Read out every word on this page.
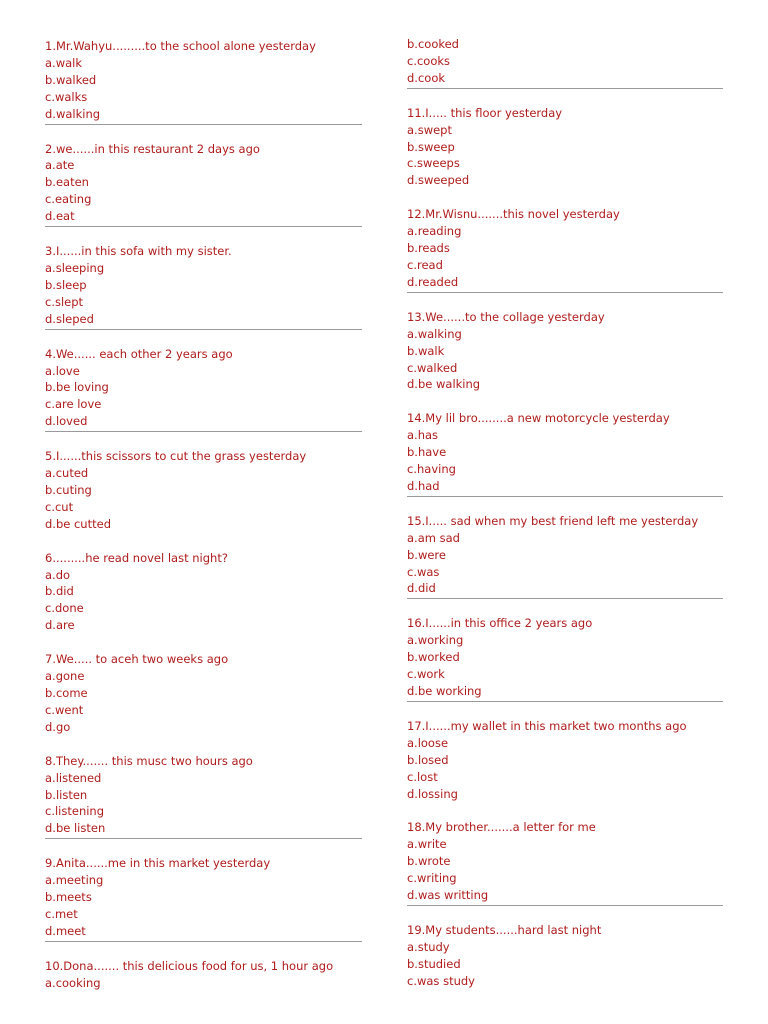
1.Mr.Wahyu.........to the school alone yesterday
a.walk
b.walked
c.walks
d.walking
2.we......in this restaurant 2 days ago
a.ate
b.eaten
c.eating
d.eat
3.I......in this sofa with my sister.
a.sleeping
b.sleep
c.slept
d.sleped
4.We...... each other 2 years ago
a.love
b.be loving
c.are love
d.loved
5.I......this scissors to cut the grass yesterday
a.cuted
b.cuting
c.cut
d.be cutted
6.........he read novel last night?
a.do
b.did
c.done
d.are
7.We..... to aceh two weeks ago
a.gone
b.come
c.went
d.go
8.They....... this musc two hours ago
a.listened
b.listen
c.listening
d.be listen
9.Anita......me in this market yesterday
a.meeting
b.meets
c.met
d.meet
10.Dona....... this delicious food for us, 1 hour ago
a.cooking
b.cooked
c.cooks
d.cook
11.I..... this floor yesterday
a.swept
b.sweep
c.sweeps
d.sweeped
12.Mr.Wisnu.......this novel yesterday
a.reading
b.reads
c.read
d.readed
13.We......to the collage yesterday
a.walking
b.walk
c.walked
d.be walking
14.My lil bro........a new motorcycle yesterday
a.has
b.have
c.having
d.had
15.I..... sad when my best friend left me yesterday
a.am sad
b.were
c.was
d.did
16.I......in this office 2 years ago
a.working
b.worked
c.work
d.be working
17.I......my wallet in this market two months ago
a.loose
b.losed
c.lost
d.lossing
18.My brother.......a letter for me
a.write
b.wrote
c.writing
d.was writting
19.My students......hard last night
a.study
b.studied
c.was study
